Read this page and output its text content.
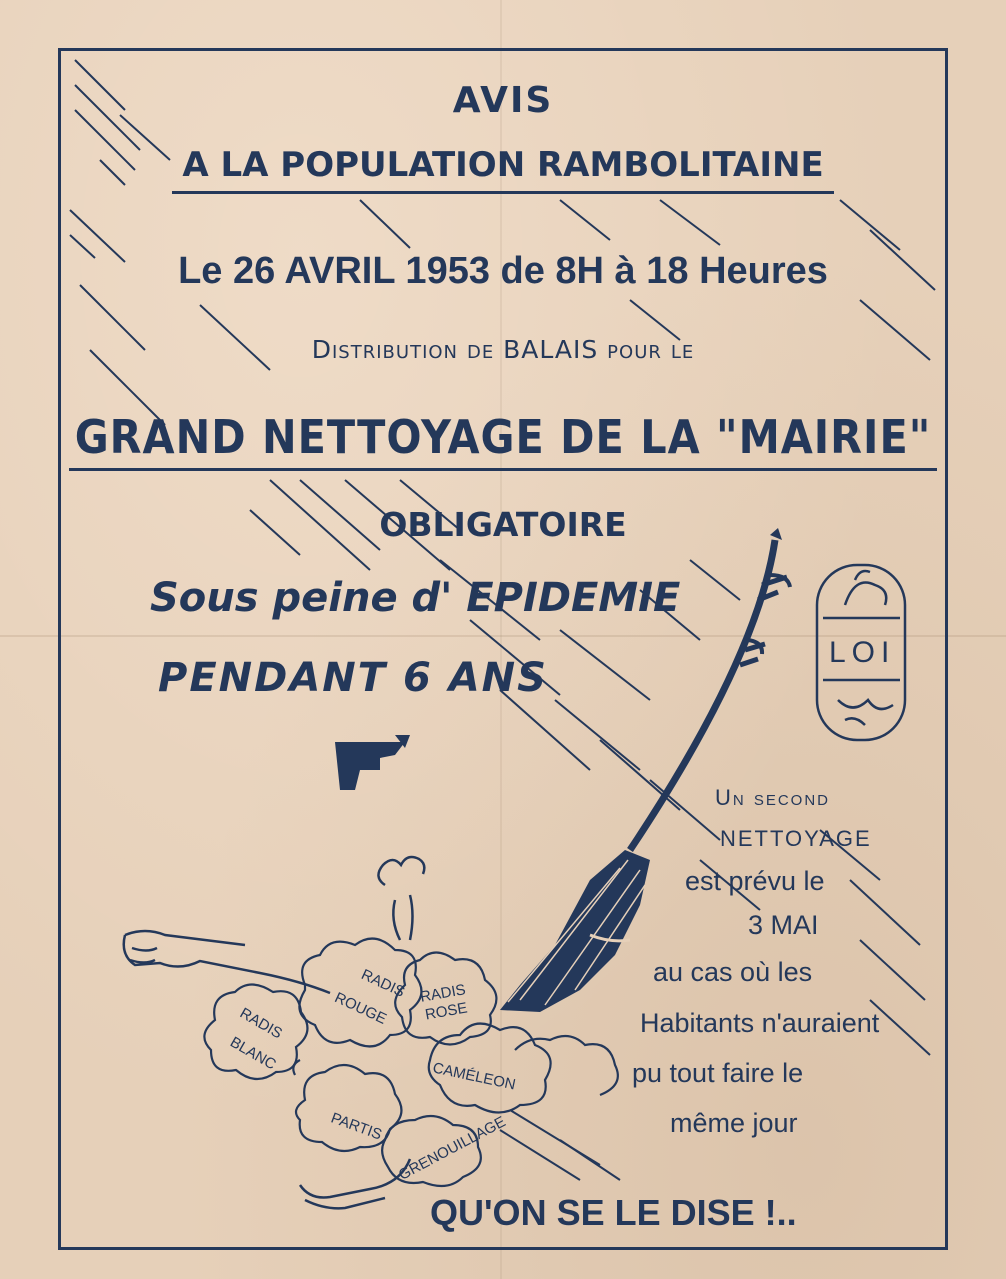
AVIS
A LA POPULATION RAMBOLITAINE
Le 26 AVRIL 1953 de 8H à 18 Heures
Distribution de BALAIS pour le
GRAND NETTOYAGE DE LA "MAIRIE"
OBLIGATOIRE
Sous peine d' EPIDEMIE
PENDANT 6 ANS
LOI
Un second
NETTOYAGE
est prévu le
3 MAI
au cas où les
Habitants n'auraient
pu tout faire le
même jour
RADIS
ROUGE RADIS
ROSE
RADIS
BLANC
CAMÉLEON
PARTIS GRENOUILLAGE
QU'ON SE LE DISE !..
